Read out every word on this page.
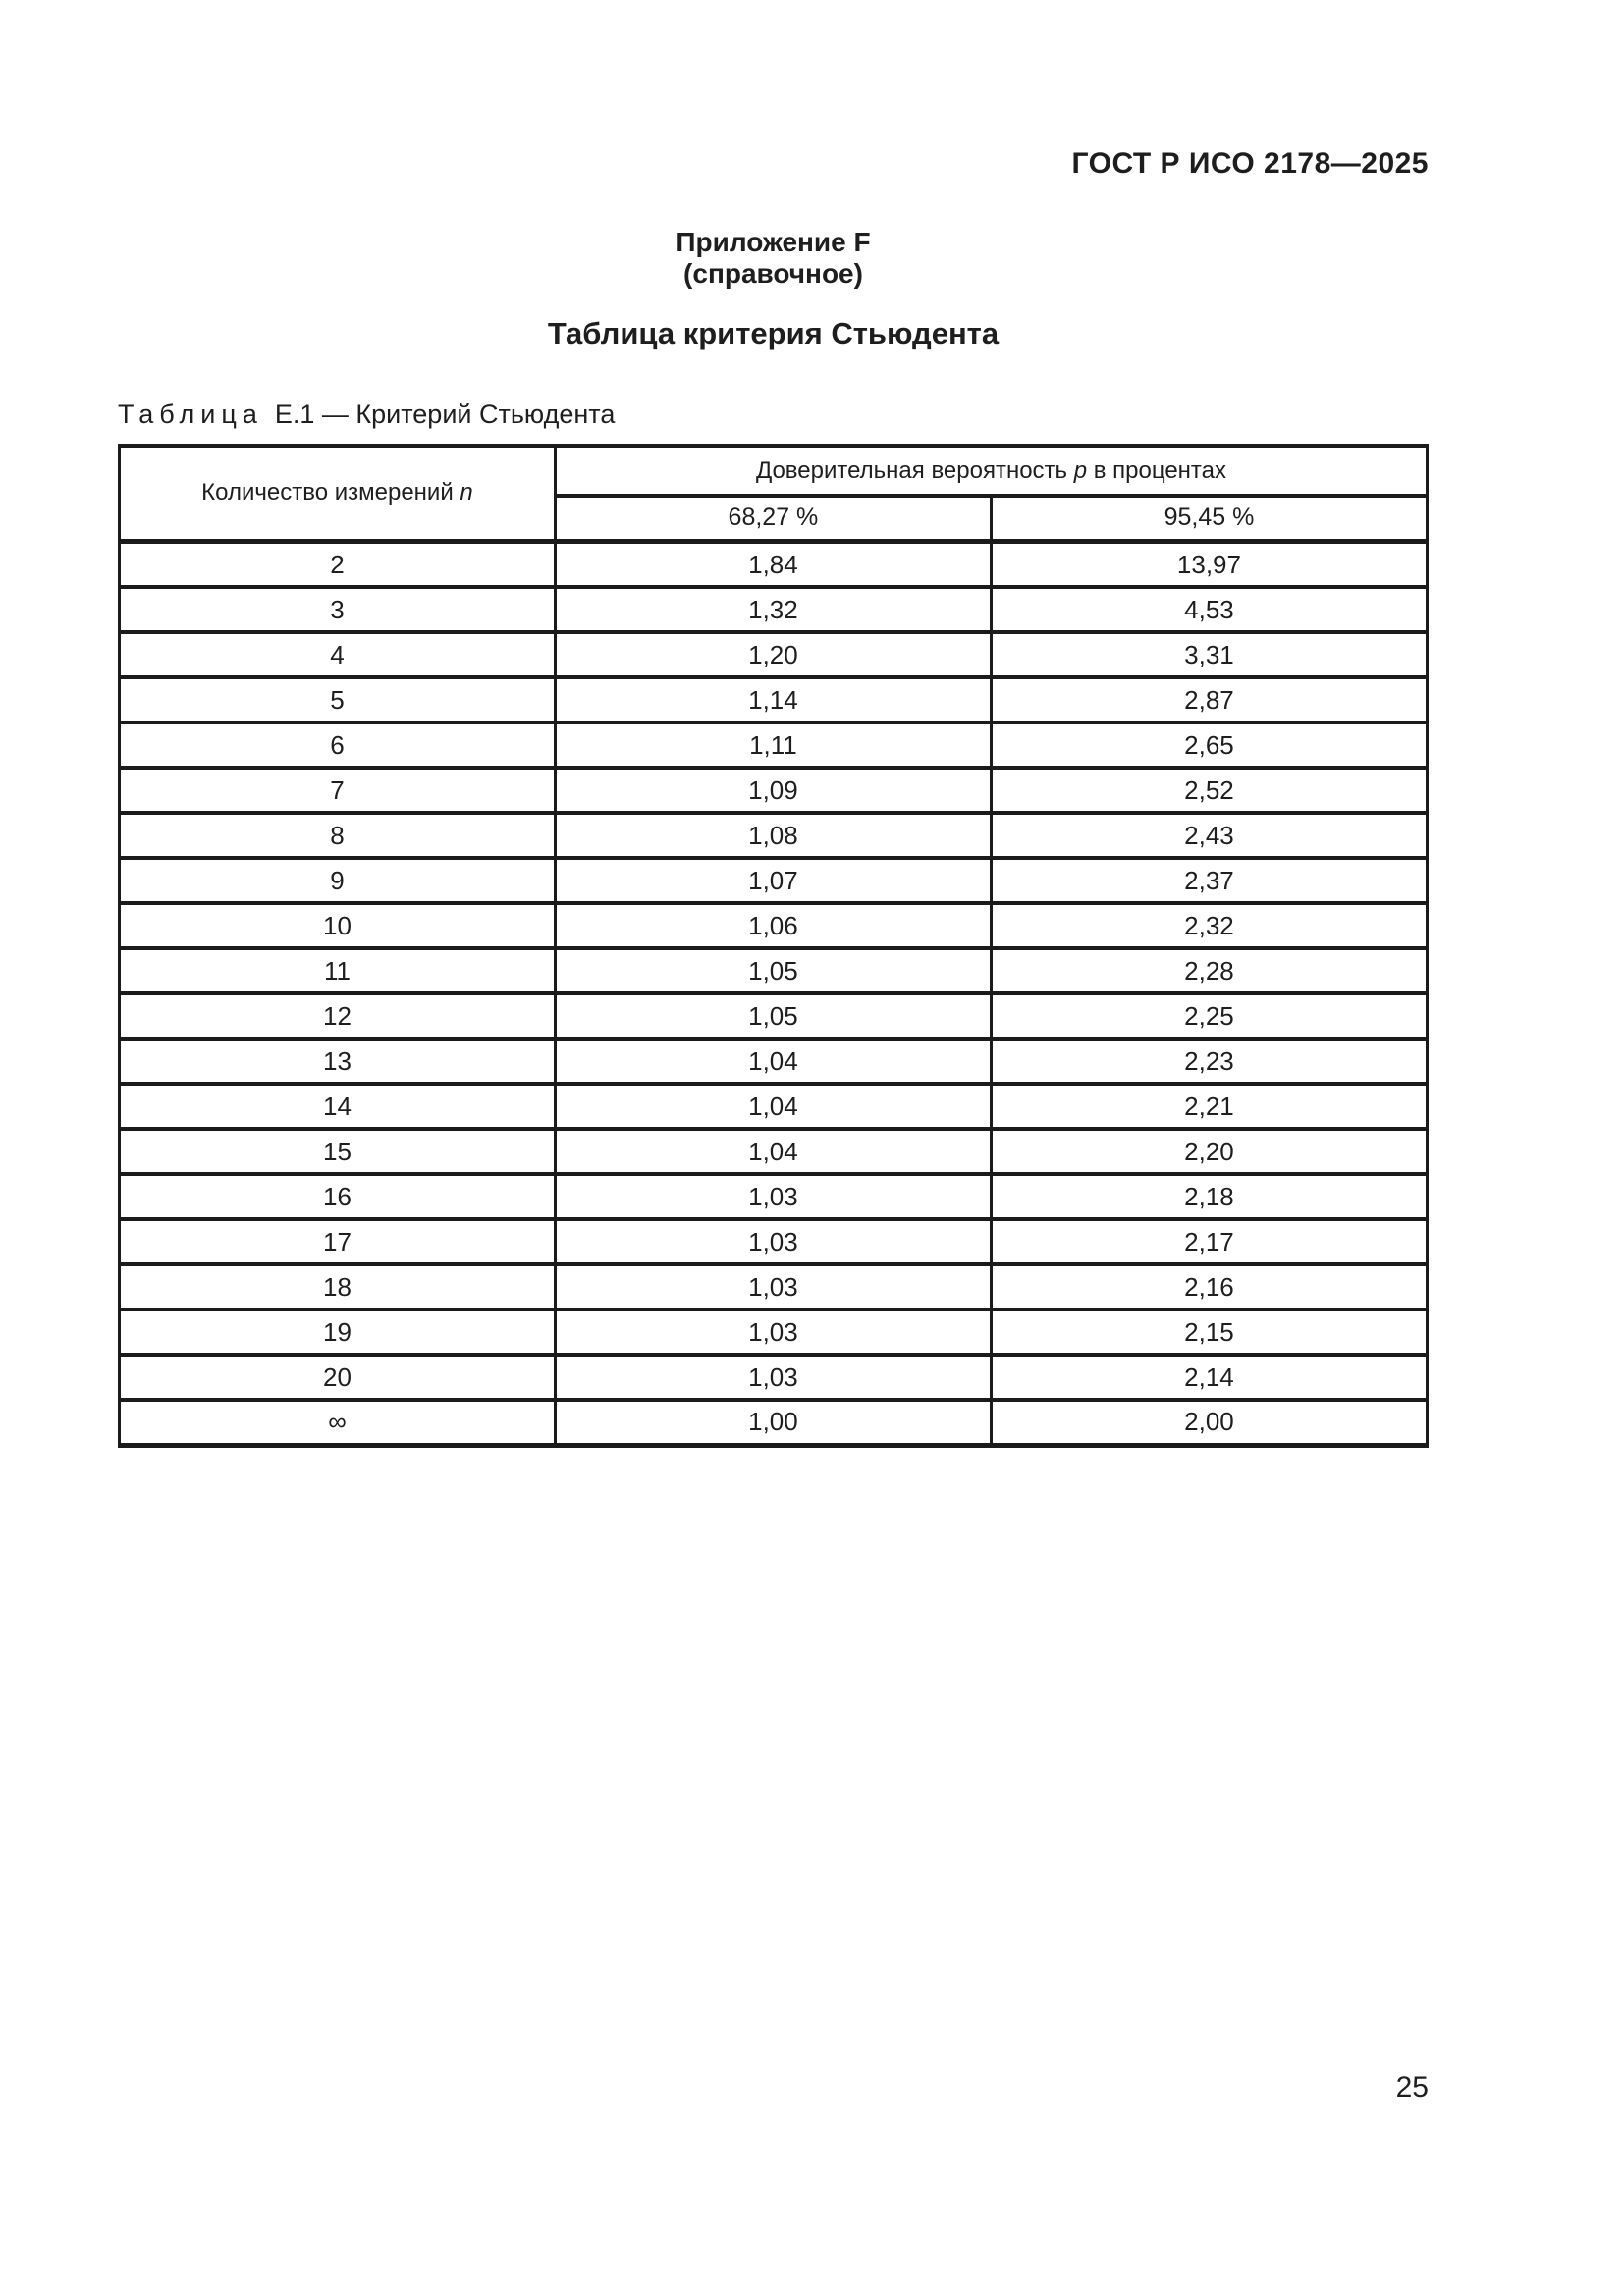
ГОСТ Р ИСО 2178—2025
Приложение F
(справочное)
Таблица критерия Стьюдента
Таблица Е.1 — Критерий Стьюдента
Количество измерений n	Доверительная вероятность p в процентах	
	68,27 %	95,45 %

2	1,84	13,97
3	1,32	4,53
4	1,20	3,31
5	1,14	2,87
6	1,11	2,65
7	1,09	2,52
8	1,08	2,43
9	1,07	2,37
10	1,06	2,32
11	1,05	2,28
12	1,05	2,25
13	1,04	2,23
14	1,04	2,21
15	1,04	2,20
16	1,03	2,18
17	1,03	2,17
18	1,03	2,16
19	1,03	2,15
20	1,03	2,14
∞	1,00	2,00
25
